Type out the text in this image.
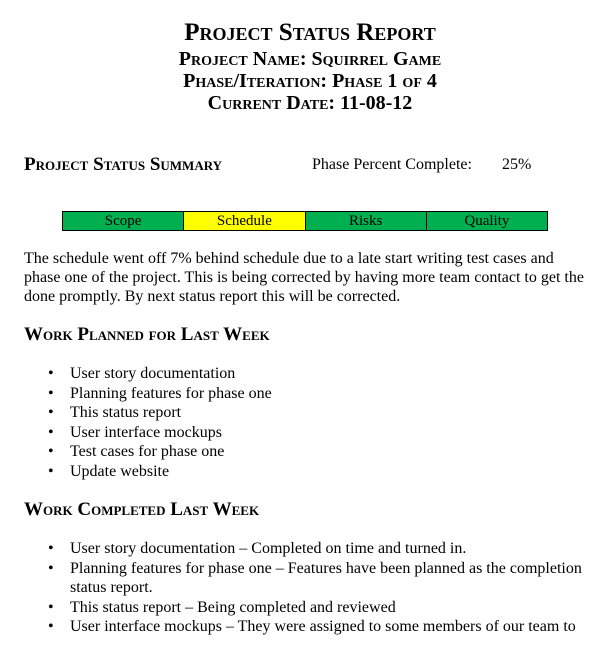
Project Status Report
Project Name: Squirrel Game
Phase/Iteration: Phase 1 of 4
Current Date: 11-08-12
Project Status Summary	Phase Percent Complete: 25%
Scope	Schedule	Risks	Quality
The schedule went off 7% behind schedule due to a late start writing test cases and phase one of the project. This is being corrected by having more team contact to get the done promptly. By next status report this will be corrected.
Work Planned for Last Week
• User story documentation
• Planning features for phase one
• This status report
• User interface mockups
• Test cases for phase one
• Update website
Work Completed Last Week
• User story documentation – Completed on time and turned in.
• Planning features for phase one – Features have been planned as the completion status report.
• This status report – Being completed and reviewed
• User interface mockups – They were assigned to some members of our team to
